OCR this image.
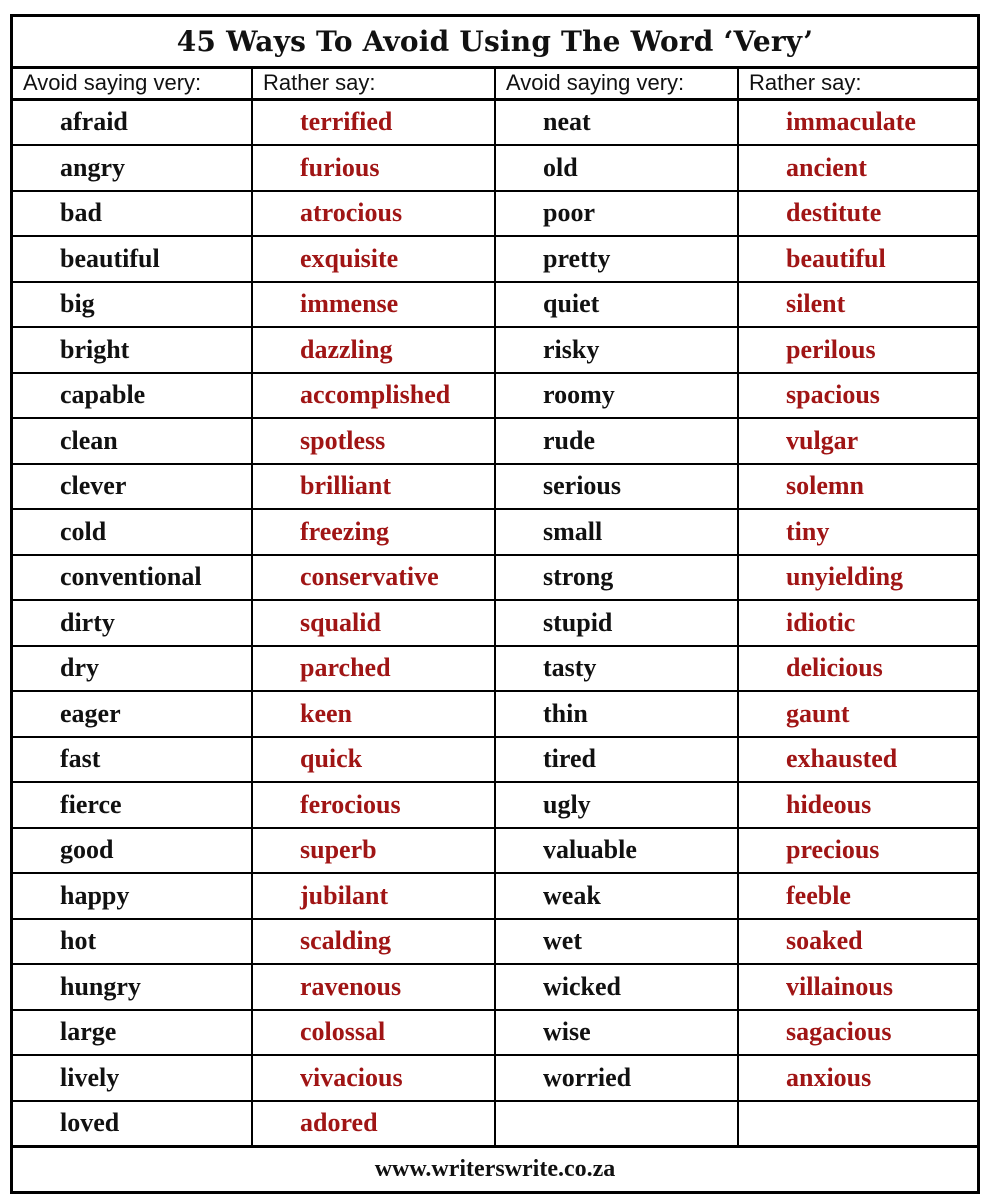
45 Ways To Avoid Using The Word ‘Very’
Avoid saying very:	Rather say:	Avoid saying very:	Rather say:
afraid	terrified	neat	immaculate
angry	furious	old	ancient
bad	atrocious	poor	destitute
beautiful	exquisite	pretty	beautiful
big	immense	quiet	silent
bright	dazzling	risky	perilous
capable	accomplished	roomy	spacious
clean	spotless	rude	vulgar
clever	brilliant	serious	solemn
cold	freezing	small	tiny
conventional	conservative	strong	unyielding
dirty	squalid	stupid	idiotic
dry	parched	tasty	delicious
eager	keen	thin	gaunt
fast	quick	tired	exhausted
fierce	ferocious	ugly	hideous
good	superb	valuable	precious
happy	jubilant	weak	feeble
hot	scalding	wet	soaked
hungry	ravenous	wicked	villainous
large	colossal	wise	sagacious
lively	vivacious	worried	anxious
loved	adored
www.writerswrite.co.za
